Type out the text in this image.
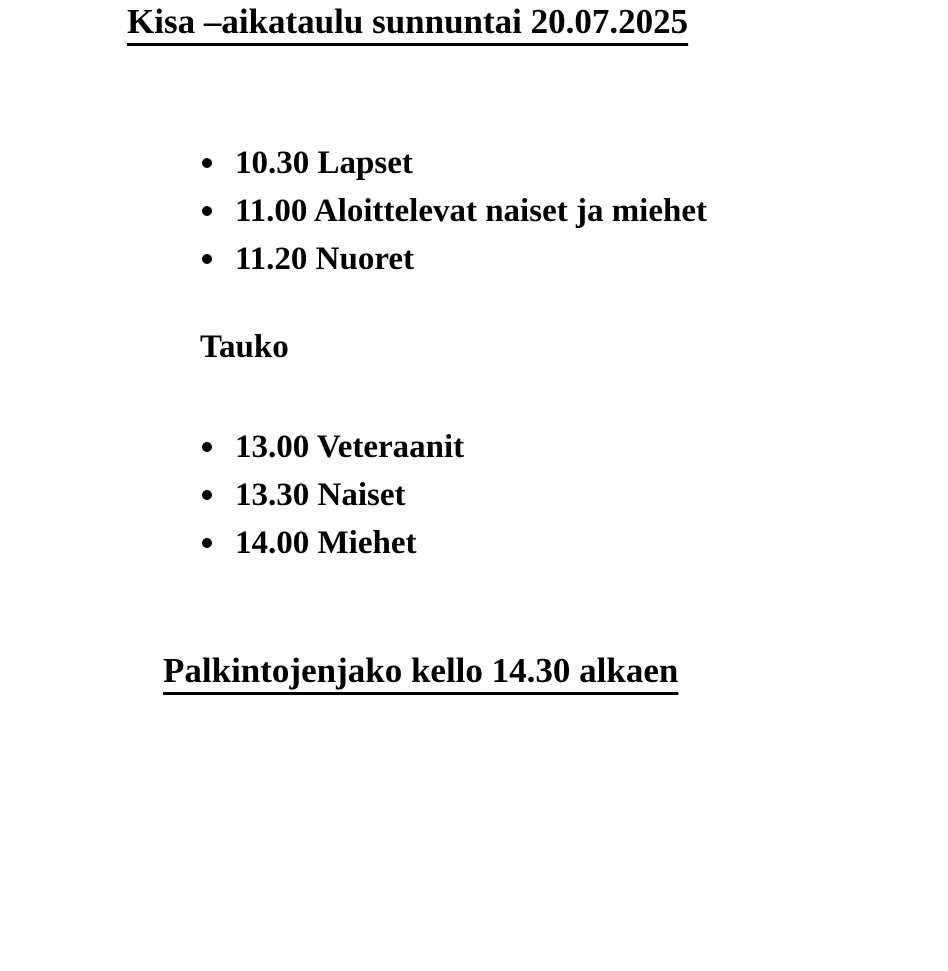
Kisa –aikataulu sunnuntai 20.07.2025
10.30 Lapset
11.00 Aloittelevat naiset ja miehet
11.20 Nuoret

Tauko

13.00 Veteraanit
13.30 Naiset
14.00 Miehet

Palkintojenjako kello 14.30 alkaen
